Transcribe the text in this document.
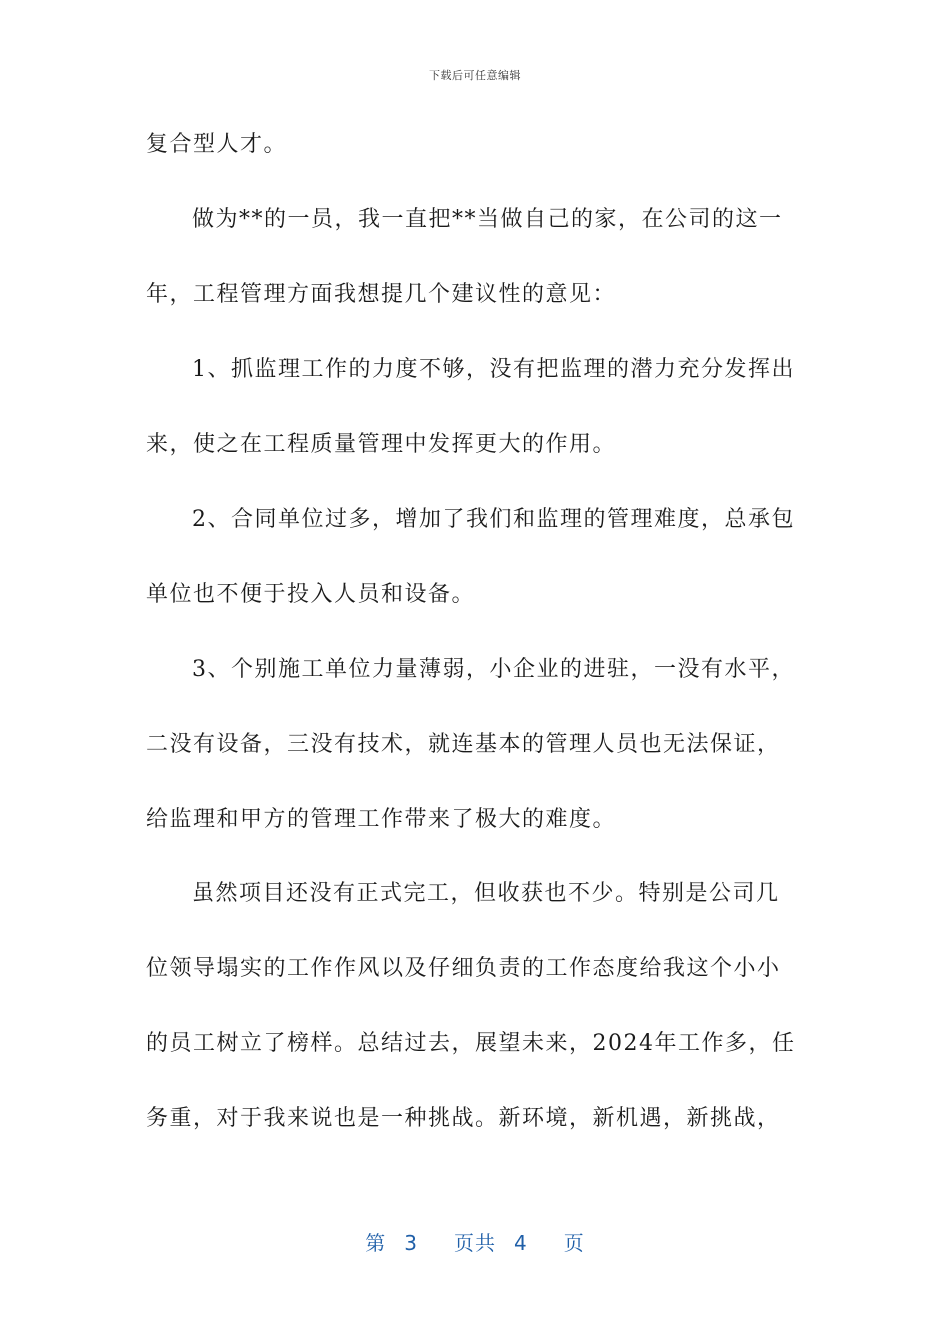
下载后可任意编辑
复合型人才。
做为**的一员，我一直把**当做自己的家，在公司的这一
年，工程管理方面我想提几个建议性的意见：
1、抓监理工作的力度不够，没有把监理的潜力充分发挥出
来，使之在工程质量管理中发挥更大的作用。
2、合同单位过多，增加了我们和监理的管理难度，总承包
单位也不便于投入人员和设备。
3、个别施工单位力量薄弱，小企业的进驻，一没有水平，
二没有设备，三没有技术，就连基本的管理人员也无法保证，
给监理和甲方的管理工作带来了极大的难度。
虽然项目还没有正式完工，但收获也不少。特别是公司几
位领导塌实的工作作风以及仔细负责的工作态度给我这个小小
的员工树立了榜样。总结过去，展望未来，2024年工作多，任
务重，对于我来说也是一种挑战。新环境，新机遇，新挑战，
第 3 页共 4 页
